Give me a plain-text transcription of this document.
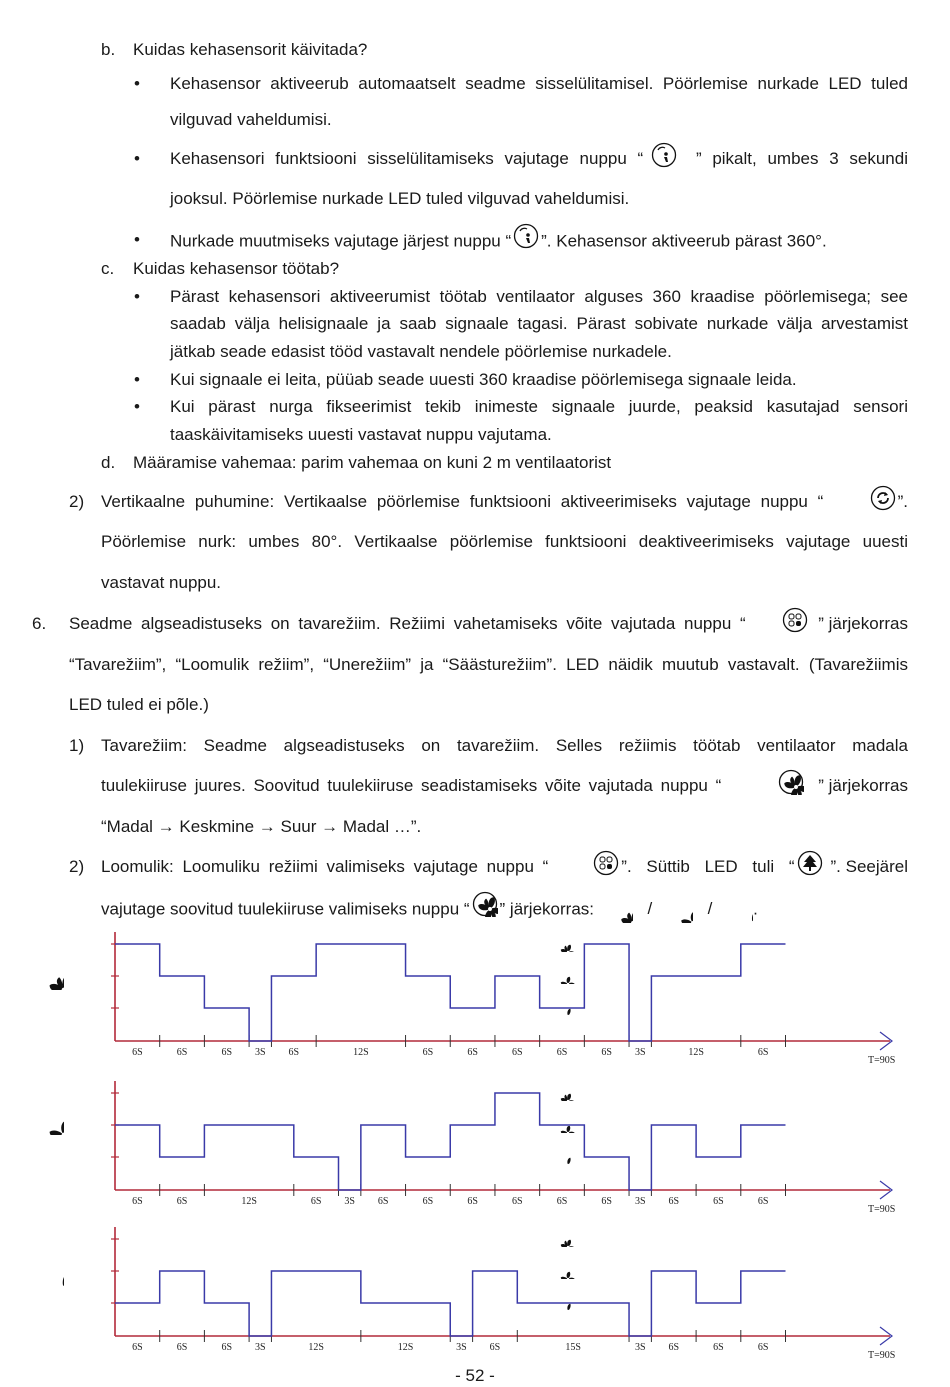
b. Kuidas kehasensorit käivitada?
• Kehasensor aktiveerub automaatselt seadme sisselülitamisel. Pöörlemise nurkade LED tuled
vilguvad vaheldumisi.
• Kehasensori funktsiooni sisselülitamiseks vajutage nuppu “	” pikalt, umbes 3 sekundi
jooksul. Pöörlemise nurkade LED tuled vilguvad vaheldumisi.
• Nurkade muutmiseks vajutage järjest nuppu “ ”. Kehasensor aktiveerub pärast 360°.
c. Kuidas kehasensor töötab?
• Pärast kehasensori aktiveerumist töötab ventilaator alguses 360 kraadise pöörlemisega; see
saadab välja helisignaale ja saab signaale tagasi. Pärast sobivate nurkade välja arvestamist
jätkab seade edasist tööd vastavalt nendele pöörlemise nurkadele.
• Kui signaale ei leita, püüab seade uuesti 360 kraadise pöörlemisega signaale leida.
• Kui pärast nurga fikseerimist tekib inimeste signaale juurde, peaksid kasutajad sensori
taaskäivitamiseks uuesti vastavat nuppu vajutama.
d. Määramise vahemaa: parim vahemaa on kuni 2 m ventilaatorist
2) Vertikaalne puhumine: Vertikaalse pöörlemise funktsiooni aktiveerimiseks vajutage nuppu “	”.
Pöörlemise nurk: umbes 80°. Vertikaalse pöörlemise funktsiooni deaktiveerimiseks vajutage uuesti
vastavat nuppu.
6. Seadme algseadistuseks on tavarežiim. Režiimi vahetamiseks võite vajutada nuppu “	” järjekorras
“Tavarežiim”, “Loomulik režiim”, “Unerežiim” ja “Säästurežiim”. LED näidik muutub vastavalt. (Tavarežiimis
LED tuled ei põle.)
1) Tavarežiim: Seadme algseadistuseks on tavarežiim. Selles režiimis töötab ventilaator madala
tuulekiiruse juures. Soovitud tuulekiiruse seadistamiseks võite vajutada nuppu “	” järjekorras
“Madal → Keskmine → Suur → Madal …”.
2) Loomulik: Loomuliku režiimi valimiseks vajutage nuppu “	”. Süttib LED tuli “ ”. Seejärel
vajutage soovitud tuulekiiruse valimiseks nuppu “ ” järjekorras:	/	/ .
6S	6S	6S 3S 6S	12S	6S	6S	6S	6S	6S 3S	12S	6S
T=90S
6S	6S	12S	6S 3S 6S	6S	6S	6S	6S	6S 3S 6S	6S	6S
T=90S
6S	6S	6S 3S	12S	12S	3S 6S	15S	3S 6S	6S	6S
T=90S
- 52 -
